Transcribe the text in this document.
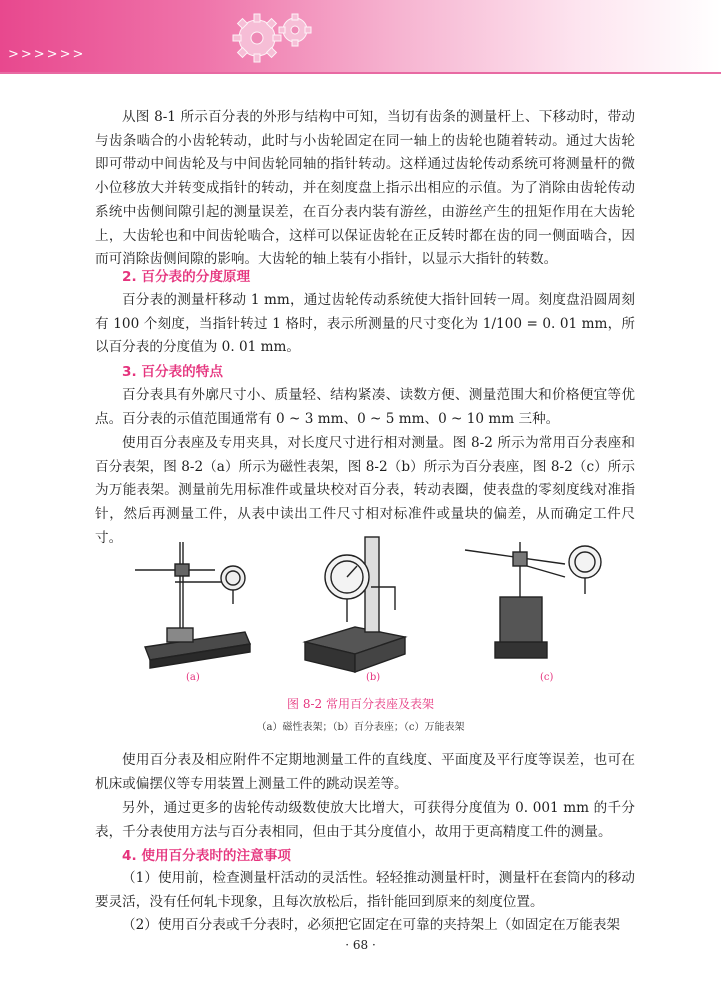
>>>>>>

从图 8-1 所示百分表的外形与结构中可知，当切有齿条的测量杆上、下移动时，带动与齿条啮合的小齿轮转动，此时与小齿轮固定在同一轴上的齿轮也随着转动。通过大齿轮即可带动中间齿轮及与中间齿轮同轴的指针转动。这样通过齿轮传动系统可将测量杆的微小位移放大并转变成指针的转动，并在刻度盘上指示出相应的示值。为了消除由齿轮传动系统中齿侧间隙引起的测量误差，在百分表内装有游丝，由游丝产生的扭矩作用在大齿轮上，大齿轮也和中间齿轮啮合，这样可以保证齿轮在正反转时都在齿的同一侧面啮合，因而可消除齿侧间隙的影响。大齿轮的轴上装有小指针，以显示大指针的转数。

2. 百分表的分度原理

百分表的测量杆移动 1 mm，通过齿轮传动系统使大指针回转一周。刻度盘沿圆周刻有 100 个刻度，当指针转过 1 格时，表示所测量的尺寸变化为 1/100 = 0. 01 mm，所以百分表的分度值为 0. 01 mm。

3. 百分表的特点

百分表具有外廓尺寸小、质量轻、结构紧凑、读数方便、测量范围大和价格便宜等优点。百分表的示值范围通常有 0 ~ 3 mm、0 ~ 5 mm、0 ~ 10 mm 三种。

使用百分表座及专用夹具，对长度尺寸进行相对测量。图 8-2 所示为常用百分表座和百分表架，图 8-2（a）所示为磁性表架，图 8-2（b）所示为百分表座，图 8-2（c）所示为万能表架。测量前先用标准件或量块校对百分表，转动表圈，使表盘的零刻度线对准指针，然后再测量工件，从表中读出工件尺寸相对标准件或量块的偏差，从而确定工件尺寸。

(a)	(b)	(c)
图 8-2 常用百分表座及表架
（a）磁性表架；（b）百分表座；（c）万能表架

使用百分表及相应附件不定期地测量工件的直线度、平面度及平行度等误差，也可在机床或偏摆仪等专用装置上测量工件的跳动误差等。

另外，通过更多的齿轮传动级数使放大比增大，可获得分度值为 0. 001 mm 的千分表，千分表使用方法与百分表相同，但由于其分度值小，故用于更高精度工件的测量。

4. 使用百分表时的注意事项

（1）使用前，检查测量杆活动的灵活性。轻轻推动测量杆时，测量杆在套筒内的移动要灵活，没有任何轧卡现象，且每次放松后，指针能回到原来的刻度位置。

（2）使用百分表或千分表时，必须把它固定在可靠的夹持架上（如固定在万能表架

· 68 ·
